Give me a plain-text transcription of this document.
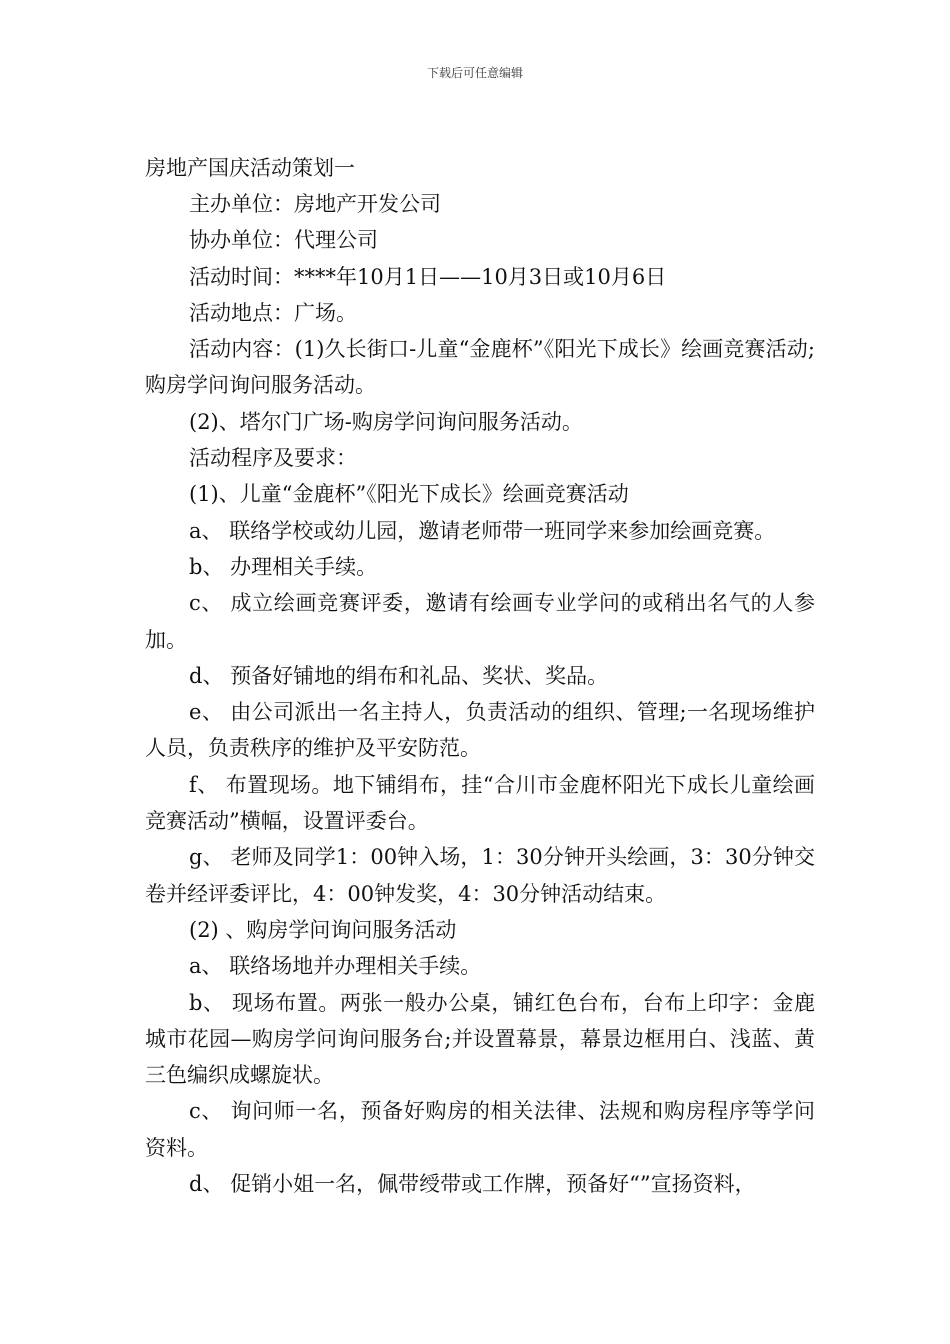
下载后可任意编辑
房地产国庆活动策划一

主办单位：房地产开发公司

协办单位：代理公司

活动时间：****年10月1日——10月3日或10月6日

活动地点：广场。

活动内容：(1)久长街口-儿童“金鹿杯”《阳光下成长》绘画竞赛活动;购房学问询问服务活动。

(2)、塔尔门广场-购房学问询问服务活动。

活动程序及要求：

(1)、儿童“金鹿杯”《阳光下成长》绘画竞赛活动

a、 联络学校或幼儿园，邀请老师带一班同学来参加绘画竞赛。

b、 办理相关手续。

c、 成立绘画竞赛评委，邀请有绘画专业学问的或稍出名气的人参加。

d、 预备好铺地的绢布和礼品、奖状、奖品。

e、 由公司派出一名主持人，负责活动的组织、管理;一名现场维护人员，负责秩序的维护及平安防范。

f、 布置现场。地下铺绢布，挂“合川市金鹿杯阳光下成长儿童绘画竞赛活动”横幅，设置评委台。

g、 老师及同学1：00钟入场，1：30分钟开头绘画，3：30分钟交卷并经评委评比，4：00钟发奖，4：30分钟活动结束。

(2) 、购房学问询问服务活动

a、 联络场地并办理相关手续。

b、 现场布置。两张一般办公桌，铺红色台布，台布上印字：金鹿城市花园—购房学问询问服务台;并设置幕景，幕景边框用白、浅蓝、黄三色编织成螺旋状。

c、 询问师一名，预备好购房的相关法律、法规和购房程序等学问资料。

d、 促销小姐一名，佩带绶带或工作牌，预备好“”宣扬资料，
